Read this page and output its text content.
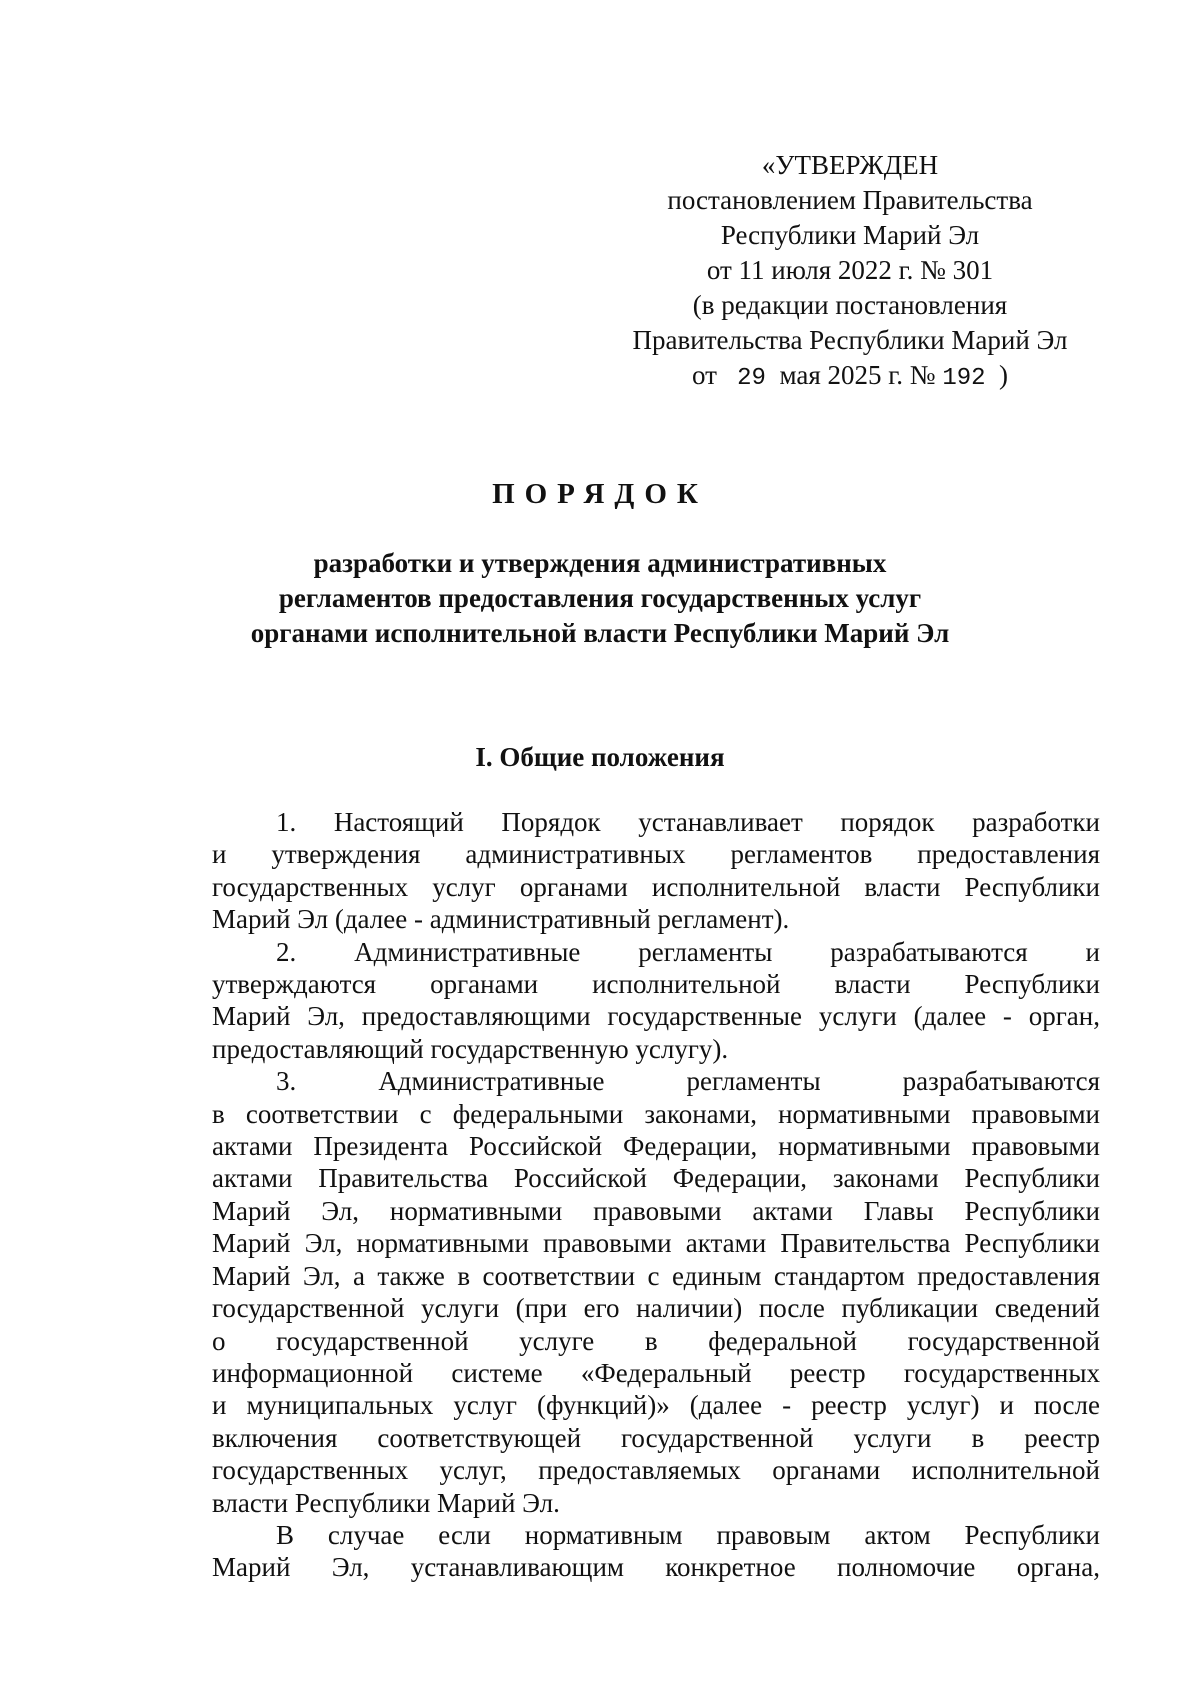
«УТВЕРЖДЕН
постановлением Правительства
Республики Марий Эл
от 11 июля 2022 г. № 301
(в редакции постановления
Правительства Республики Марий Эл
от 29 мая 2025 г. № 192 )
ПОРЯДОК
разработки и утверждения административных
регламентов предоставления государственных услуг
органами исполнительной власти Республики Марий Эл
I. Общие положения
1. Настоящий Порядок устанавливает порядок разработки
и утверждения административных регламентов предоставления
государственных услуг органами исполнительной власти Республики
Марий Эл (далее - административный регламент).
2. Административные регламенты разрабатываются и
утверждаются органами исполнительной власти Республики
Марий Эл, предоставляющими государственные услуги (далее - орган,
предоставляющий государственную услугу).
3. Административные регламенты разрабатываются
в соответствии с федеральными законами, нормативными правовыми
актами Президента Российской Федерации, нормативными правовыми
актами Правительства Российской Федерации, законами Республики
Марий Эл, нормативными правовыми актами Главы Республики
Марий Эл, нормативными правовыми актами Правительства Республики
Марий Эл, а также в соответствии с единым стандартом предоставления
государственной услуги (при его наличии) после публикации сведений
о государственной услуге в федеральной государственной
информационной системе «Федеральный реестр государственных
и муниципальных услуг (функций)» (далее - реестр услуг) и после
включения соответствующей государственной услуги в реестр
государственных услуг, предоставляемых органами исполнительной
власти Республики Марий Эл.
В случае если нормативным правовым актом Республики
Марий Эл, устанавливающим конкретное полномочие органа,
